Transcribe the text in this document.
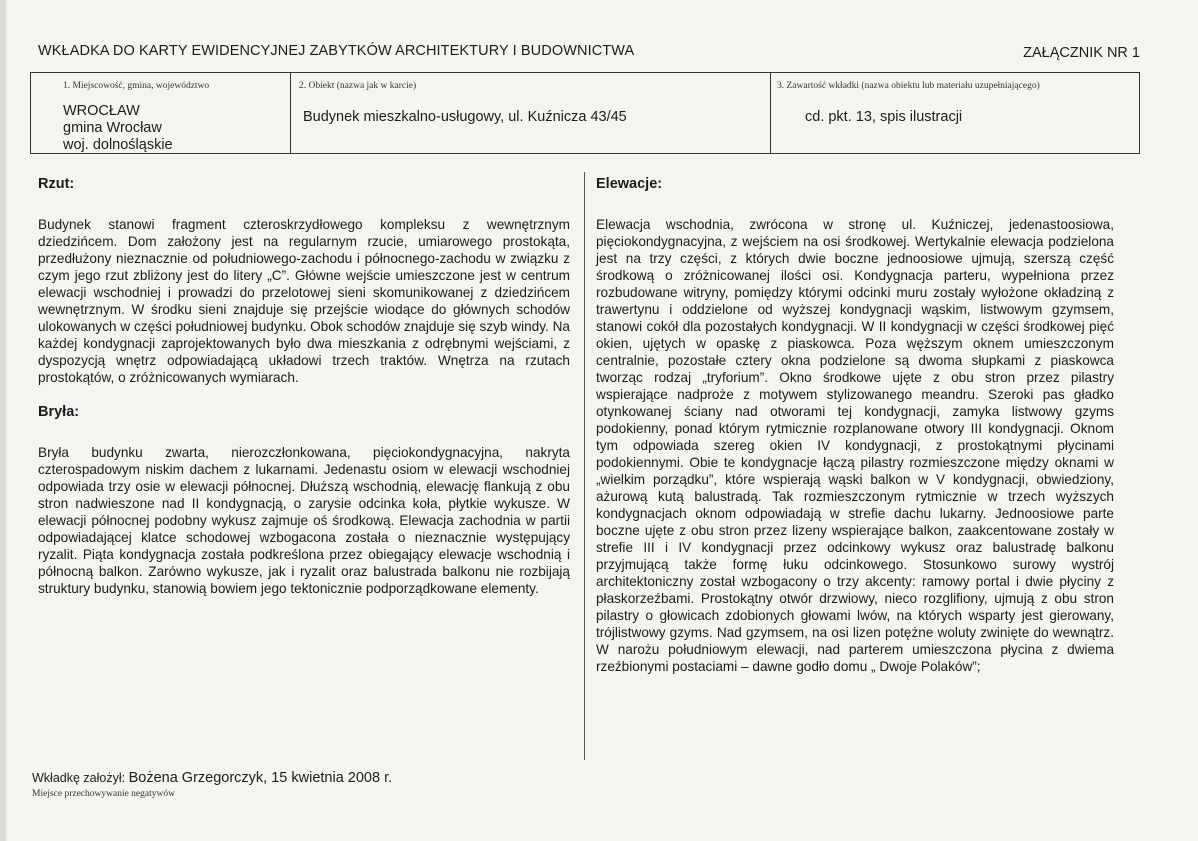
WKŁADKA DO KARTY EWIDENCYJNEJ ZABYTKÓW ARCHITEKTURY I BUDOWNICTWA	ZAŁĄCZNIK NR 1
1. Miejscowość, gmina, województwo
WROCŁAW
gmina Wrocław
woj. dolnośląskie
2. Obiekt (nazwa jak w karcie)
Budynek mieszkalno-usługowy, ul. Kuźnicza 43/45
3. Zawartość wkładki (nazwa obiektu lub materiału uzupełniającego)
cd. pkt. 13, spis ilustracji
Rzut:

Budynek stanowi fragment czteroskrzydłowego kompleksu z wewnętrznym dziedzińcem. Dom założony jest na regularnym rzucie, umiarowego prostokąta, przedłużony nieznacznie od południowego-zachodu i północnego-zachodu w związku z czym jego rzut zbliżony jest do litery „C”. Główne wejście umieszczone jest w centrum elewacji wschodniej i prowadzi do przelotowej sieni skomunikowanej z dziedzińcem wewnętrznym. W środku sieni znajduje się przejście wiodące do głównych schodów ulokowanych w części południowej budynku. Obok schodów znajduje się szyb windy. Na każdej kondygnacji zaprojektowanych było dwa mieszkania z odrębnymi wejściami, z dyspozycją wnętrz odpowiadającą układowi trzech traktów. Wnętrza na rzutach prostokątów, o zróżnicowanych wymiarach.

Bryła:

Bryła budynku zwarta, nierozczłonkowana, pięciokondygnacyjna, nakryta czterospadowym niskim dachem z lukarnami. Jedenastu osiom w elewacji wschodniej odpowiada trzy osie w elewacji północnej. Dłuższą wschodnią, elewację flankują z obu stron nadwieszone nad II kondygnacją, o zarysie odcinka koła, płytkie wykusze. W elewacji północnej podobny wykusz zajmuje oś środkową. Elewacja zachodnia w partii odpowiadającej klatce schodowej wzbogacona została o nieznacznie występujący ryzalit. Piąta kondygnacja została podkreślona przez obiegający elewacje wschodnią i północną balkon. Zarówno wykusze, jak i ryzalit oraz balustrada balkonu nie rozbijają struktury budynku, stanowią bowiem jego tektonicznie podporządkowane elementy.

Elewacje:

Elewacja wschodnia, zwrócona w stronę ul. Kuźniczej, jedenastoosiowa, pięciokondygnacyjna, z wejściem na osi środkowej. Wertykalnie elewacja podzielona jest na trzy części, z których dwie boczne jednoosiowe ujmują, szerszą część środkową o zróżnicowanej ilości osi. Kondygnacja parteru, wypełniona przez rozbudowane witryny, pomiędzy którymi odcinki muru zostały wyłożone okładziną z trawertynu i oddzielone od wyższej kondygnacji wąskim, listwowym gzymsem, stanowi cokół dla pozostałych kondygnacji. W II kondygnacji w części środkowej pięć okien, ujętych w opaskę z piaskowca. Poza węższym oknem umieszczonym centralnie, pozostałe cztery okna podzielone są dwoma słupkami z piaskowca tworząc rodzaj „tryforium”. Okno środkowe ujęte z obu stron przez pilastry wspierające nadproże z motywem stylizowanego meandru. Szeroki pas gładko otynkowanej ściany nad otworami tej kondygnacji, zamyka listwowy gzyms podokienny, ponad którym rytmicznie rozplanowane otwory III kondygnacji. Oknom tym odpowiada szereg okien IV kondygnacji, z prostokątnymi płycinami podokiennymi. Obie te kondygnacje łączą pilastry rozmieszczone między oknami w „wielkim porządku”, które wspierają wąski balkon w V kondygnacji, obwiedziony, ażurową kutą balustradą. Tak rozmieszczonym rytmicznie w trzech wyższych kondygnacjach oknom odpowiadają w strefie dachu lukarny. Jednoosiowe parte boczne ujęte z obu stron przez lizeny wspierające balkon, zaakcentowane zostały w strefie III i IV kondygnacji przez odcinkowy wykusz oraz balustradę balkonu przyjmującą także formę łuku odcinkowego. Stosunkowo surowy wystrój architektoniczny został wzbogacony o trzy akcenty: ramowy portal i dwie płyciny z płaskorzeźbami. Prostokątny otwór drzwiowy, nieco rozglifiony, ujmują z obu stron pilastry o głowicach zdobionych głowami lwów, na których wsparty jest gierowany, trójlistwowy gzyms. Nad gzymsem, na osi lizen potężne woluty zwinięte do wewnątrz. W narożu południowym elewacji, nad parterem umieszczona płycina z dwiema rzeźbionymi postaciami – dawne godło domu „ Dwoje Polaków”;

Wkładkę założył: Bożena Grzegorczyk, 15 kwietnia 2008 r.
Miejsce przechowywanie negatywów
